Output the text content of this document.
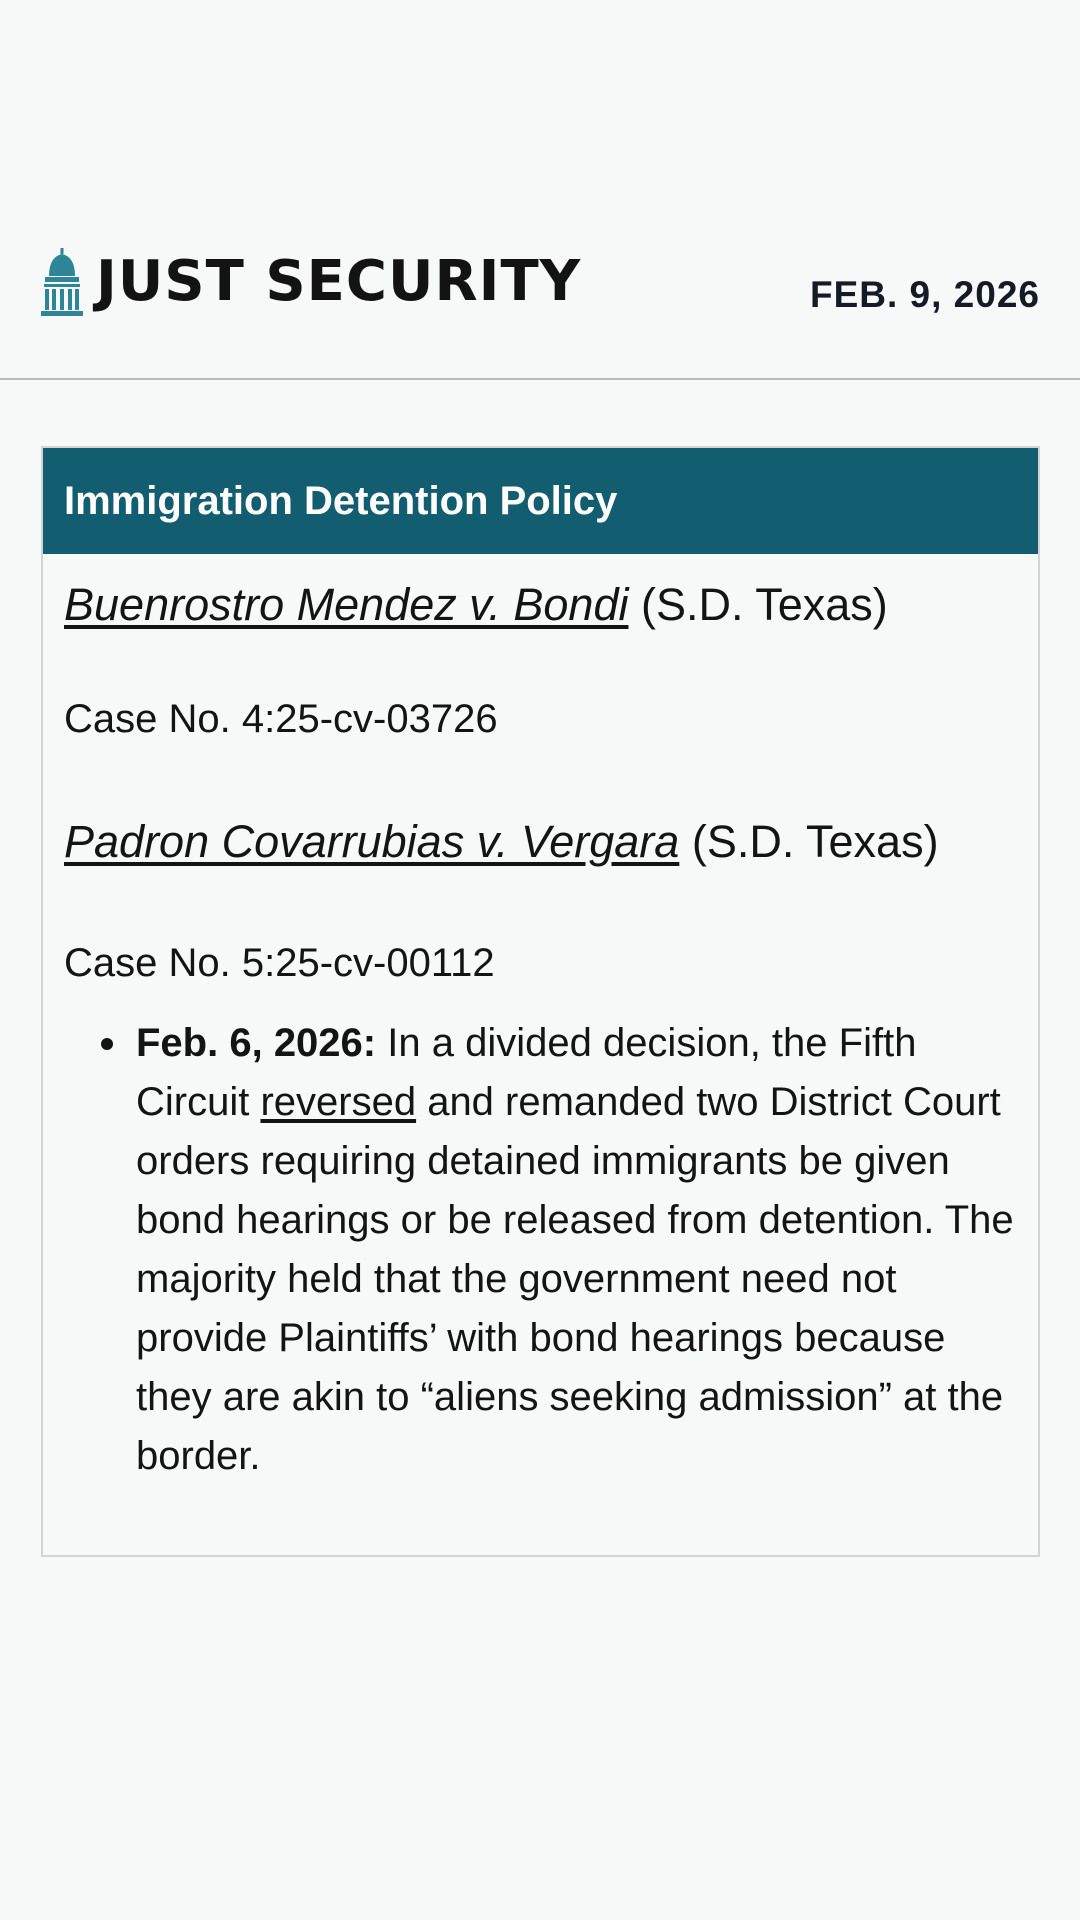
JUST SECURITY	FEB. 9, 2026
Immigration Detention Policy
Buenrostro Mendez v. Bondi (S.D. Texas)
Case No. 4:25-cv-03726
Padron Covarrubias v. Vergara (S.D. Texas)
Case No. 5:25-cv-00112
Feb. 6, 2026: In a divided decision, the Fifth Circuit reversed and remanded two District Court orders requiring detained immigrants be given bond hearings or be released from detention. The majority held that the government need not provide Plaintiffs’ with bond hearings because they are akin to “aliens seeking admission” at the border.
